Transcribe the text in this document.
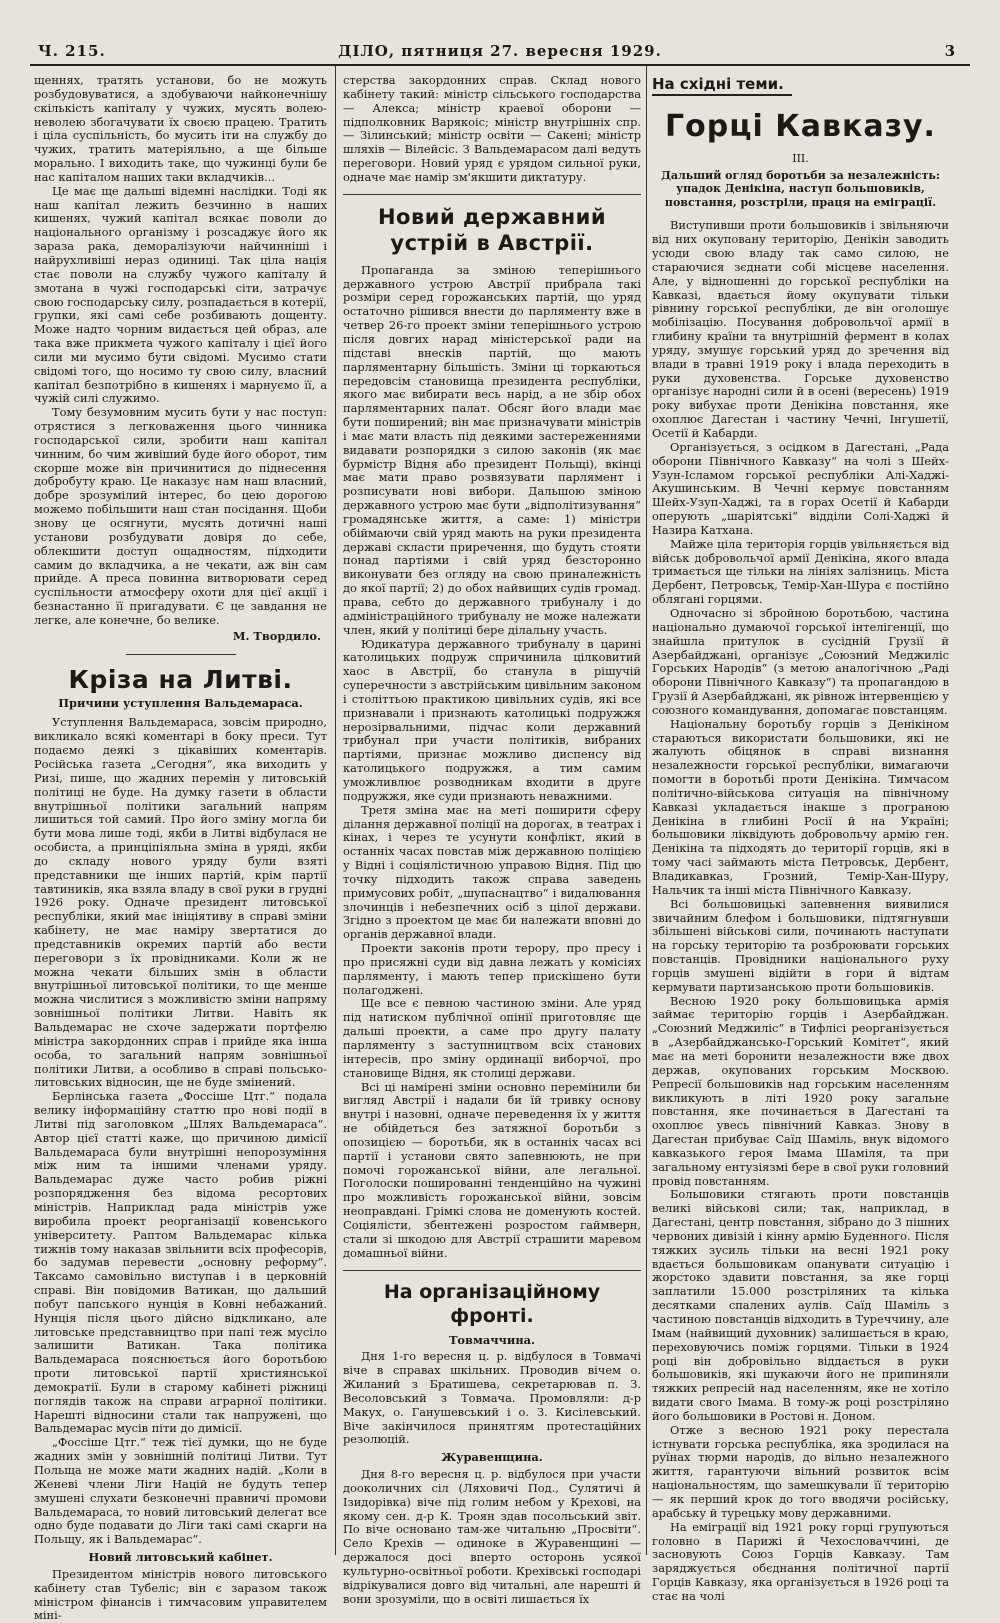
Ч. 215.	ДІЛО, пятниця 27. вересня 1929.	3

щеннях, тратять установи, бо не можуть розбудовуватися, а здобуваючи найконечнішу скількість капіталу у чужих, мусять волею-неволею збогачувати їх своєю працею. Тратить і ціла суспільність, бо мусить іти на службу до чужих, тратить матеріяльно, а ще більше морально. І виходить таке, що чужинці були бе нас капіталом наших таки вкладчиків...

Це має ще дальші відемні наслідки. Тоді як наш капітал лежить безчинно в наших кишенях, чужий капітал всякає поволи до національного організму і розсаджує його як зараза рака, деморалізуючи найчинніші і найрухливіші нераз одиниці. Так ціла нація стає поволи на службу чужого капіталу й змотана в чужі господарські сіти, затрачує свою господарську силу, розпадається в котерії, групки, які самі себе розбивають дощенту. Може надто чорним видається цей образ, але така вже прикмета чужого капіталу і цієї його сили ми мусимо бути свідомі. Мусимо стати свідомі того, що носимо ту свою силу, власний капітал безпотрібно в кишенях і марнуємо її, а чужій силі служимо.

Тому безумовним мусить бути у нас поступ: отрястися з легковаження цього чинника господарської сили, зробити наш капітал чинним, бо чим живіший буде його оборот, тим скорше може він причинитися до піднесення добробуту краю. Це наказує нам наш власний, добре зрозумілий інтерес, бо цею дорогою можемо побільшити наш стан посідання. Щоби знову це осягнути, мусять дотичні наші установи розбудувати довіря до себе, облекшити доступ ощадностям, підходити самим до вкладчика, а не чекати, аж він сам прийде. А преса повинна витворювати серед суспільности атмосферу охоти для цієї акції і безнастанно її пригадувати. Є це завдання не легке, але конечне, бо велике.

М. Твордило.
Кріза на Литві.
Причини уступлення Вальдемараса.

Уступлення Вальдемараса, зовсім природно, викликало всякі коментарі в боку преси. Тут подаємо деякі з цікавіших коментарів. Російська газета „Сегодня“, яка виходить у Ризі, пише, що жадних перемін у литовській політиці не буде. На думку газети в области внутрішньої політики загальний напрям лишиться той самий. Про його зміну могла би бути мова лише тоді, якби в Литві відбулася не особиста, а принціпіяльна зміна в уряді, якби до складу нового уряду були взяті представники ще інших партій, крім партії тавтиників, яка взяла владу в свої руки в грудні 1926 року. Одначе президент литовської республіки, який має ініціятиву в справі зміни кабінету, не має наміру звертатися до представників окремих партій або вести переговори з їх провідниками. Коли ж не можна чекати більших змін в области внутрішньої литовської політики, то ще менше можна числитися з можливістю зміни напряму зовнішньої політики Литви. Навіть як Вальдемарас не схоче задержати портфелю міністра закордонних справ і прийде яка інша особа, то загальний напрям зовнішньої політики Литви, а особливо в справі польсько-литовських відносин, ще не буде змінений.

Берлінська газета „Фоссіше Цтг.“ подала велику інформаційну статтю про нові події в Литві під заголовком „Шлях Вальдемараса“. Автор цієї статті каже, що причиною димісії Вальдемараса були внутрішні непорозуміння між ним та іншими членами уряду. Вальдемарас дуже часто робив ріжні розпорядження без відома ресортових міністрів. Наприклад рада міністрів уже виробила проект реорганізації ковенського університету. Раптом Вальдемарас кілька тижнів тому наказав звільнити всіх професорів, бо задумав перевести „основну реформу“. Таксамо самовільно виступав і в церковній справі. Він повідомив Ватикан, що дальший побут папського нунція в Ковні небажаний. Нунція після цього дійсно відкликано, але литовське представництво при папі теж мусіло залишити Ватикан. Така політика Вальдемараса пояснюється його боротьбою проти литовської партії християнської демократії. Були в старому кабінеті ріжниці поглядів також на справи аграрної політики. Нарешті відносини стали так напружені, що Вальдемарас мусів піти до димісії.

„Фоссіше Цтг.“ теж тієї думки, що не буде жадних змін у зовнішній політиці Литви. Тут Польща не може мати жадних надій. „Коли в Женеві члени Ліги Націй не будуть тепер змушені слухати безконечні правничі промови Вальдемараса, то новий литовський делегат все одно буде подавати до Ліги такі самі скарги на Польщу, як і Вальдемарас“.

Новий литовський кабінет.

Президентом міністрів нового литовського кабінету став Тубеліс; він є заразом також міністром фінансів і тимчасовим управителем міні-

стерства закордонних справ. Склад нового кабінету такий: міністр сільського господарства — Алекса; міністр краевої оборони — підполковник Варякоіс; міністр внутрішніх спр. — Зілинський; міністр освіти — Сакені; міністр шляхів — Вілейсіс. З Вальдемарасом далі ведуть переговори. Новий уряд є урядом сильної руки, одначе має намір зм'якшити диктатуру.

Новий державний устрій в Австрії.

Пропаганда за зміною теперішнього державного устрою Австрії прибрала такі розміри серед горожанських партій, що уряд остаточно рішився внести до парляменту вже в четвер 26-го проект зміни теперішнього устрою після довгих нарад міністерської ради на підставі внесків партій, що мають парляментарну більшість. Зміни ці торкаються передовсім становища президента республіки, якого має вибирати весь нарід, а не збір обох парляментарних палат. Обсяг його влади має бути поширений; він має призначувати міністрів і має мати власть під деякими застереженнями видавати розпорядки з силою законів (як має бурмістр Відня або президент Польщі), вкінці має мати право розвязувати парлямент і розписувати нові вибори. Дальшою зміною державного устрою має бути „відполітизування“ громадянське життя, а саме: 1) міністри обіймаючи свій уряд мають на руки президента державі скласти приречення, що будуть стояти понад партіями і свій уряд безсторонно виконувати без огляду на свою приналежність до якої партії; 2) до обох найвищих судів громад. права, себто до державного трибуналу і до адміністраційного трибуналу не може належати член, який у політиці бере ділальну участь.

Юдикатура державного трибуналу в царині католицьких подруж спричинила цілковитий хаос в Австрії, бо станула в рішучій суперечности з австрійським цивільним законом і століттьою практикою цивільних судів, які все признавали і признають католицькі подружжя нерозірвальними, підчас коли державний трибунал при участи політиків, вибраних партіями, признає можливо диспенсу від католицького подружжя, а тим самим уможливлює розводникам входити в друге подружжя, яке суди признають неважними.

Третя зміна має на меті поширити сферу ділання державної поліції на дорогах, в театрах і кінах, і через те усунути конфлікт, який в останніх часах повстав між державною поліцією у Відні і соціялістичною управою Відня. Під цю точку підходить також справа заведень примусових робіт, „шупаснацтво“ і видалювання злочинців і небезпечних осіб з цілої держави. Згідно з проектом це має би належати вповні до органів державної влади.

Проекти законів проти терору, про пресу і про присяжні суди від давна лежать у комісіях парляменту, і мають тепер прискішено бути полагоджені.

Ще все є певною частиною зміни. Але уряд під натиском публічної опінії приготовляє ще дальші проекти, а саме про другу палату парляменту з заступництвом всіх станових інтересів, про зміну ординації виборчої, про становище Відня, як столиці держави.

Всі ці намірені зміни основно перемінили би вигляд Австрії і надали би їй тривку основу внутрі і назовні, одначе переведення їх у життя не обійдеться без затяжної боротьби з опозицією — боротьби, як в останніх часах всі партії і установи свято запевнюють, не при помочі горожанської війни, але легальної. Поголоски пошированні тенденційно на чужині про можливість горожанської війни, зовсім неоправдані. Грімкі слова не доменують костей. Соціялісти, збентежені розростом гаймверн, стали зі шкодою для Австрії страшити маревом домашньої війни.

На організаційному фронті.
Товмаччина.

Дня 1-го вересня ц. р. відбулося в Товмачі віче в справах шкільних. Проводив вічем о. Жиланий з Братишева, секретарював п. З. Весоловський з Товмача. Промовляли: д-р Макух, о. Ганушевський і о. З. Кисілевський. Віче закінчилося принятгям протестаційних резолюцій.

Журавенщина.

Дня 8-го вересня ц. р. відбулося при участи дооколичних сіл (Ляховичі Под., Сулятичі й Ізидорівка) віче під голим небом у Крехові, на якому сен. д-р К. Троян здав посольський звіт. По віче основано там-же читальню „Просвіти“. Село Крехів — одиноке в Журавенщині — держалося досі вперто осторонь усякої культурно-освітньої роботи. Крехівські господарі відрікувалися довго від читальні, але нарешті й вони зрозуміли, що в освіті лишається їх

На східні теми.
Горці Кавказу.
III.
Дальший огляд боротьби за незалежність: упадок Денікіна, наступ большовиків, повстання, розстріли, праця на еміграції.

Виступивши проти большовиків і звільняючи від них окуповану територію, Денікін заводить усюди свою владу так само силою, не стараючися зєднати собі місцеве населення. Але, у відношенні до горської республіки на Кавказі, вдається йому окупувати тільки рівнину горської республіки, де він оголошує мобілізацію. Посування добровольчої армії в глибину країни та внутрішній фермент в колах уряду, змушує горський уряд до зречення від влади в травні 1919 року і влада переходить в руки духовенства. Горське духовенство організує народні сили й в осені (вересень) 1919 року вибухає проти Денікіна повстання, яке охоплює Дагестан і частину Чечні, Інгушетії, Осетії й Кабарди.

Організується, з осідком в Дагестані, „Рада оборони Північного Кавказу“ на чолі з Шейх-Узун-Ісламом горської республіки Алі-Хаджі-Акушинським. В Чечні кермує повстанням Шейх-Узуп-Хаджі, та в горах Осетії й Кабарди оперують „шаріятські“ відділи Солі-Хаджі й Назира Катхана.

Майже ціла територія горців увільняється від військ добровольчої армії Денікіна, якого влада тримається ще тільки на лініях залізниць. Міста Дербент, Петровськ, Темір-Хан-Шура є постійно облягані горцями.

Одночасно зі збройною боротьбою, частина національно думаючої горської інтелігенції, що знайшла притулок в сусідній Грузії й Азербайджані, організує „Союзний Меджиліс Горських Народів“ (з метою аналогічною „Раді оборони Північного Кавказу“) та пропагандою в Грузії й Азербайджані, як рівнож інтервенцією у союзного командування, допомагає повстанцям.

Національну боротьбу горців з Денікіном стараються використати большовики, які не жалують обіцянок в справі визнання незалежности горської республіки, вимагаючи помогти в боротьбі проти Денікіна. Тимчасом політично-військова ситуація на північному Кавказі укладається інакше з програною Денікіна в глибині Росії й на Україні; большовики ліквідують добровольчу армію ген. Денікіна та підходять до території горців, які в тому часі займають міста Петровськ, Дербент, Владикавказ, Грозний, Темір-Хан-Шуру, Нальчик та інші міста Північного Кавказу.

Всі большовицькі запевнення виявилися звичайним блефом і большовики, підтягнувши збільшені військові сили, починають наступати на горську територію та розброювати горських повстанців. Провідники національного руху горців змушені відійти в гори й відтам кермувати партизанською проти большовиків.

Весною 1920 року большовицька армія займає територію горців і Азербайджан. „Союзний Меджиліс“ в Тифлісі реорганізується в „Азербайджансько-Горський Комітет“, який має на меті боронити незалежности вже двох держав, окупованих горським Москвою. Репресії большовиків над горським населенням викликують в літі 1920 року загальне повстання, яке починається в Дагестані та охоплює увесь північний Кавказ. Знову в Дагестан прибуває Саїд Шаміль, внук відомого кавказького героя Імама Шаміля, та при загальному ентузіязмі бере в свої руки головний провід повстанням.

Большовики стягають проти повстанців великі військові сили; так, наприклад, в Дагестані, центр повстання, зібрано до 3 пішних червоних дивізій і кінну армію Буденного. Після тяжких зусиль тільки на весні 1921 року вдається большовикам опанувати ситуацію і жорстоко здавити повстання, за яке горці заплатили 15.000 розстріляних та кілька десятками спалених аулів. Саїд Шаміль з частиною повстанців відходить в Туреччину, але Імам (найвищий духовник) залишається в краю, переховуючись поміж горцями. Тільки в 1924 році він добровільно віддається в руки большовиків, які шукаючи його не припиняли тяжких репресій над населенням, яке не хотіло видати свого Імама. В тому-ж році розстріляно його большовики в Ростові н. Доном.

Отже з весною 1921 року перестала істнувати горська республіка, яка зродилася на руїнах тюрми народів, до вільно незалежного життя, гарантуючи вільний розвиток всім національностям, що замешкували її територію — як перший крок до того вводячи російську, арабську й турецьку мову державними.

На еміграції від 1921 року горці групуються головно в Парижі й Чехословаччині, де засновують Союз Горців Кавказу. Там заряджується обєднання політичної партії Горців Кавказу, яка організується в 1926 році та стає на чолі
